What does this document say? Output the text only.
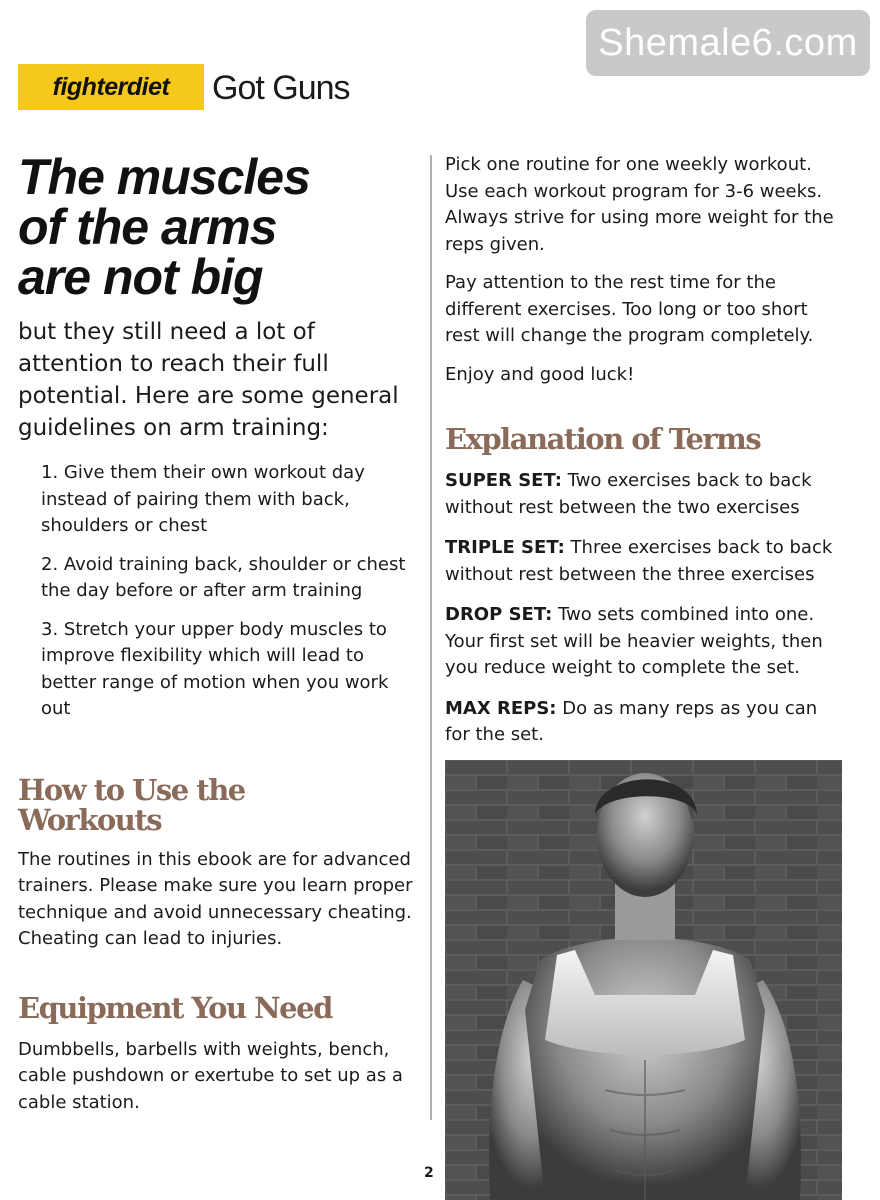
Shemale6.com
fighterdiet	Got Guns
The muscles
of the arms
are not big

but they still need a lot of attention to reach their full potential. Here are some general guidelines on arm training:

1. Give them their own workout day instead of pairing them with back, shoulders or chest
2. Avoid training back, shoulder or chest the day before or after arm training
3. Stretch your upper body muscles to improve flexibility which will lead to better range of motion when you work out
How to Use the
Workouts

The routines in this ebook are for advanced trainers. Please make sure you learn proper technique and avoid unnecessary cheating. Cheating can lead to injuries.

Equipment You Need

Dumbbells, barbells with weights, bench, cable pushdown or exertube to set up as a cable station.

Pick one routine for one weekly workout. Use each workout program for 3-6 weeks. Always strive for using more weight for the reps given.

Pay attention to the rest time for the different exercises. Too long or too short rest will change the program completely.

Enjoy and good luck!

Explanation of Terms

SUPER SET: Two exercises back to back without rest between the two exercises

TRIPLE SET: Three exercises back to back without rest between the three exercises

DROP SET: Two sets combined into one. Your first set will be heavier weights, then you reduce weight to complete the set.

MAX REPS: Do as many reps as you can for the set.

2
